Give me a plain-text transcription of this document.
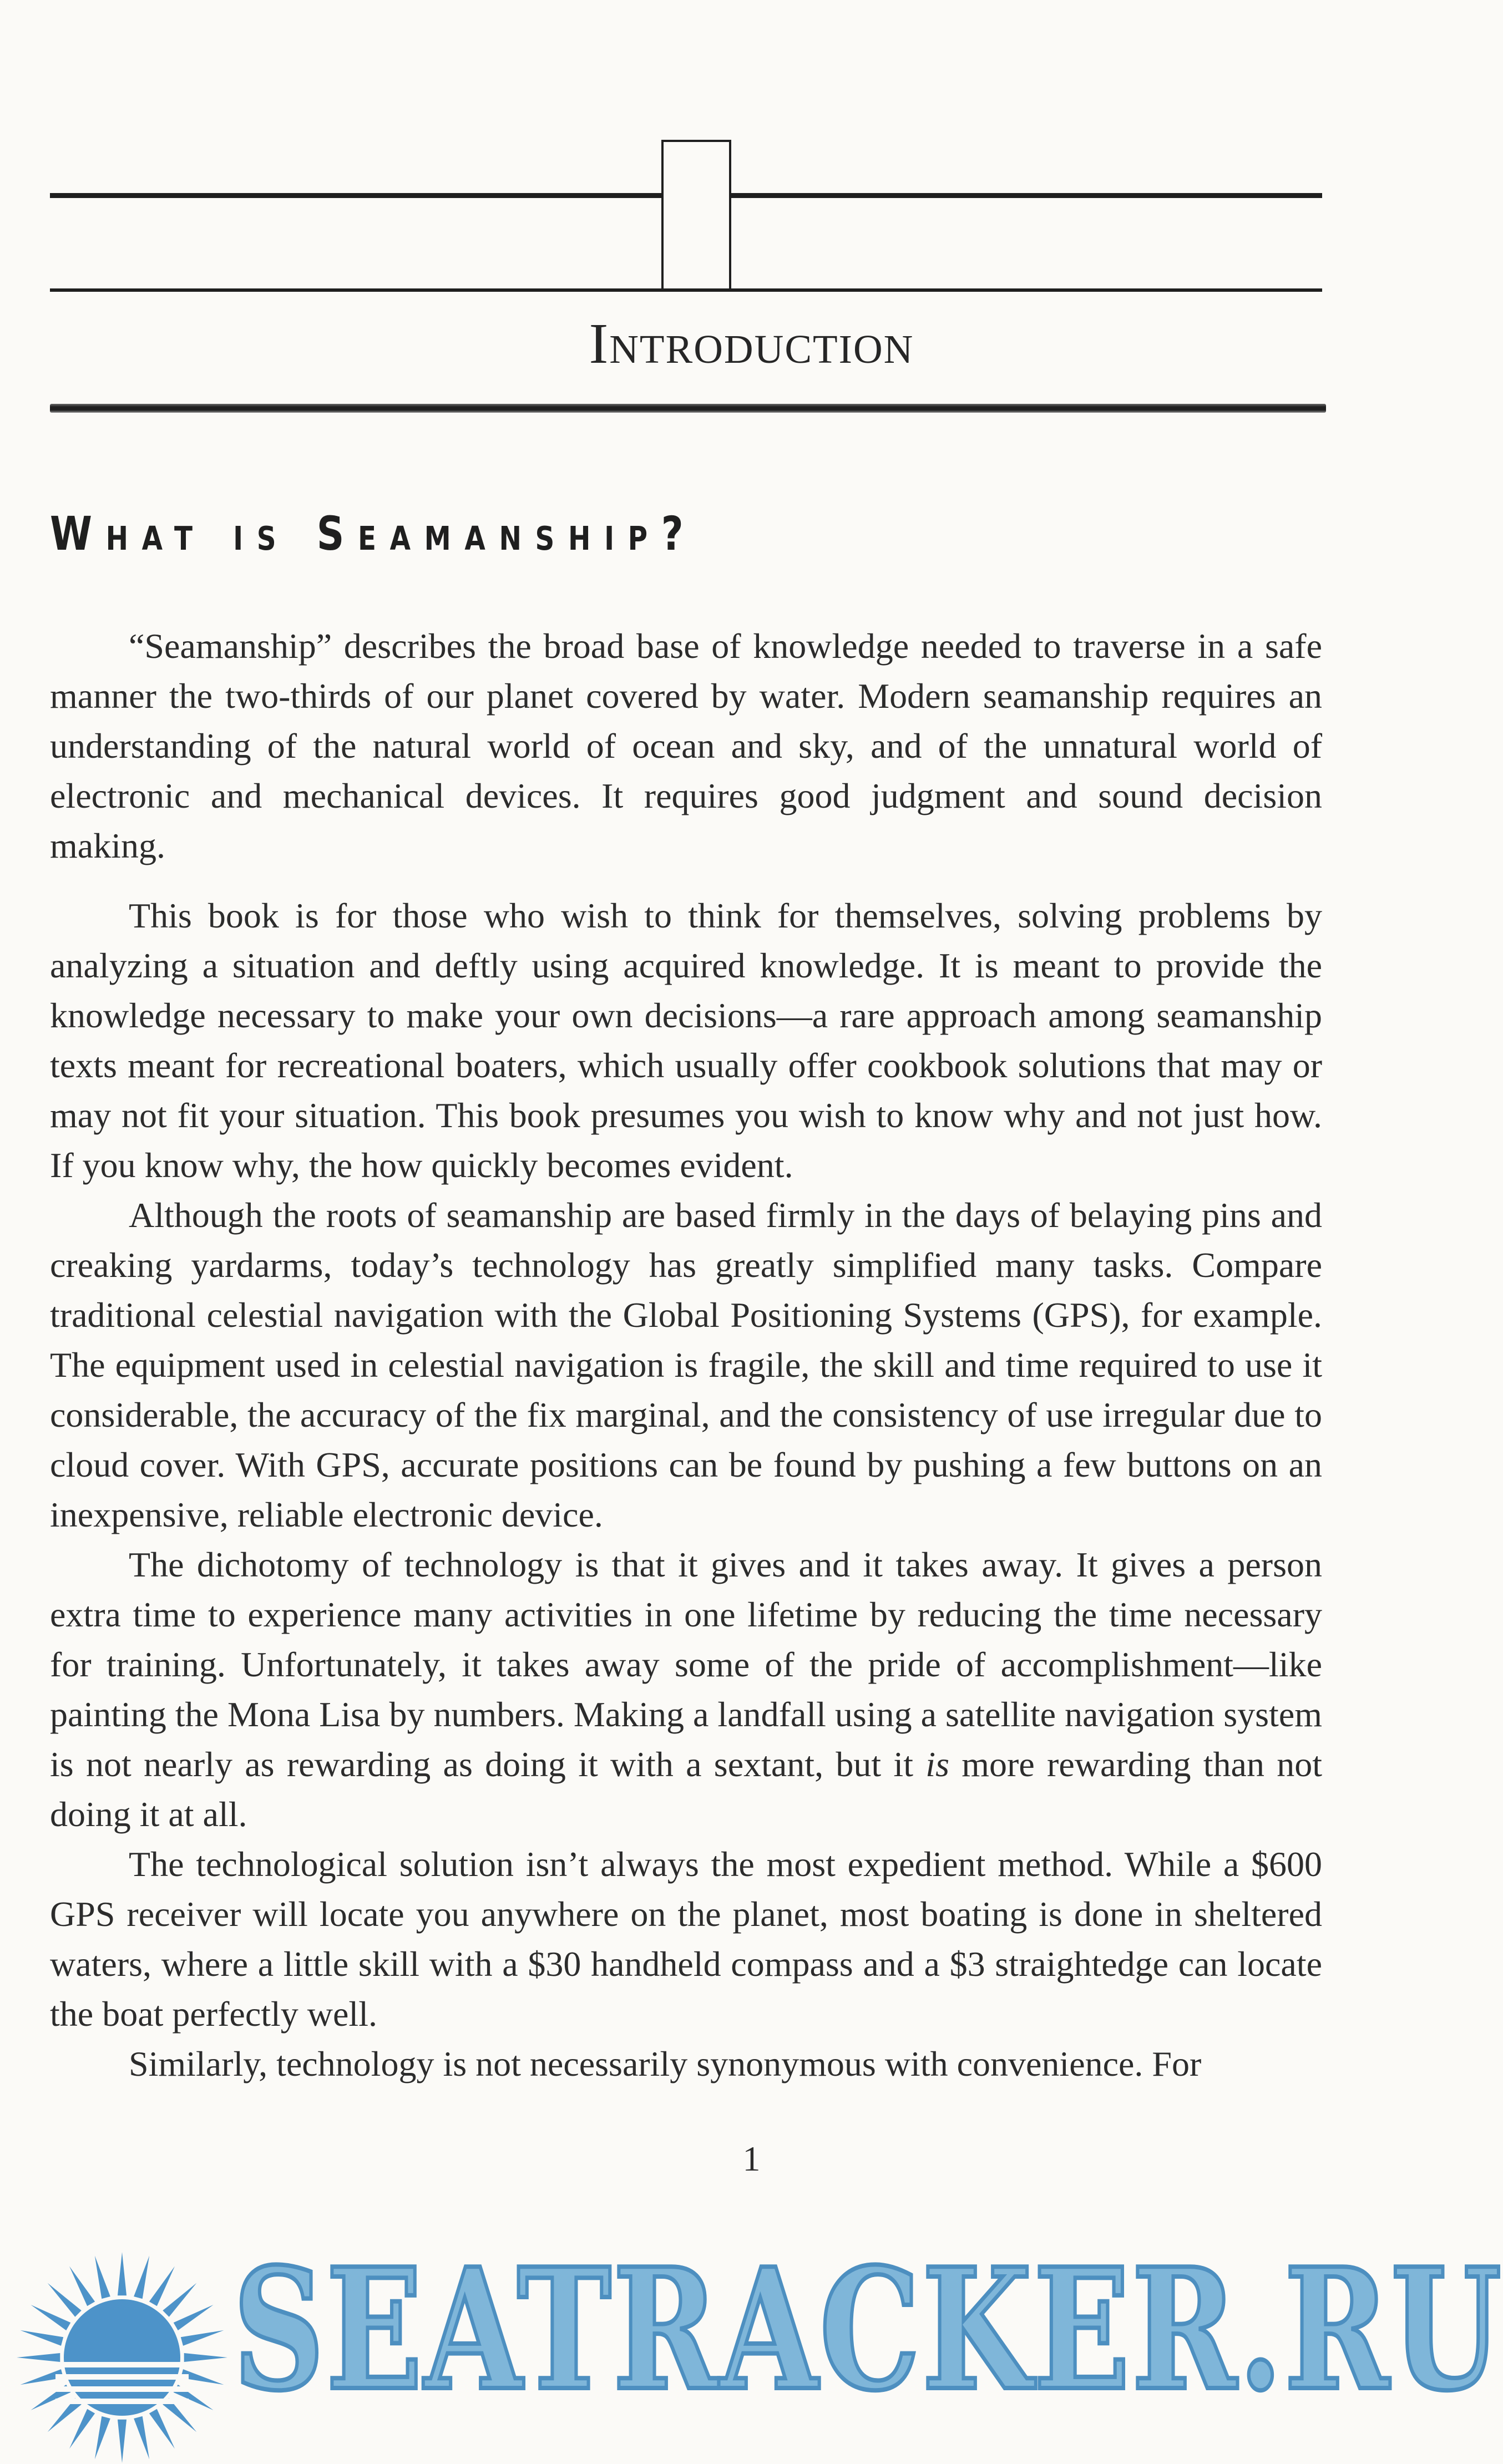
Introduction
What is Seamanship?

“Seamanship” describes the broad base of knowledge needed to traverse in a safe manner the two-thirds of our planet covered by water. Modern seamanship requires an understanding of the natural world of ocean and sky, and of the unnatural world of electronic and mechanical devices. It requires good judgment and sound decision making.

This book is for those who wish to think for themselves, solving problems by analyzing a situation and deftly using acquired knowledge. It is meant to provide the knowledge necessary to make your own decisions—a rare approach among seamanship texts meant for recreational boaters, which usually offer cookbook solutions that may or may not fit your situation. This book presumes you wish to know why and not just how. If you know why, the how quickly becomes evident.

Although the roots of seamanship are based firmly in the days of belaying pins and creaking yardarms, today’s technology has greatly simplified many tasks. Compare traditional celestial navigation with the Global Positioning Systems (GPS), for example. The equipment used in celestial navigation is fragile, the skill and time required to use it considerable, the accuracy of the fix marginal, and the consistency of use irregular due to cloud cover. With GPS, accurate positions can be found by pushing a few buttons on an inexpensive, reliable electronic device.

The dichotomy of technology is that it gives and it takes away. It gives a person extra time to experience many activities in one lifetime by reducing the time necessary for training. Unfortunately, it takes away some of the pride of accomplishment—like painting the Mona Lisa by numbers. Making a landfall using a satellite navigation system is not nearly as rewarding as doing it with a sextant, but it is more rewarding than not doing it at all.

The technological solution isn’t always the most expedient method. While a $600 GPS receiver will locate you anywhere on the planet, most boating is done in sheltered waters, where a little skill with a $30 handheld compass and a $3 straightedge can locate the boat perfectly well.

Similarly, technology is not necessarily synonymous with convenience. For

1
SEATRACKER.RU
